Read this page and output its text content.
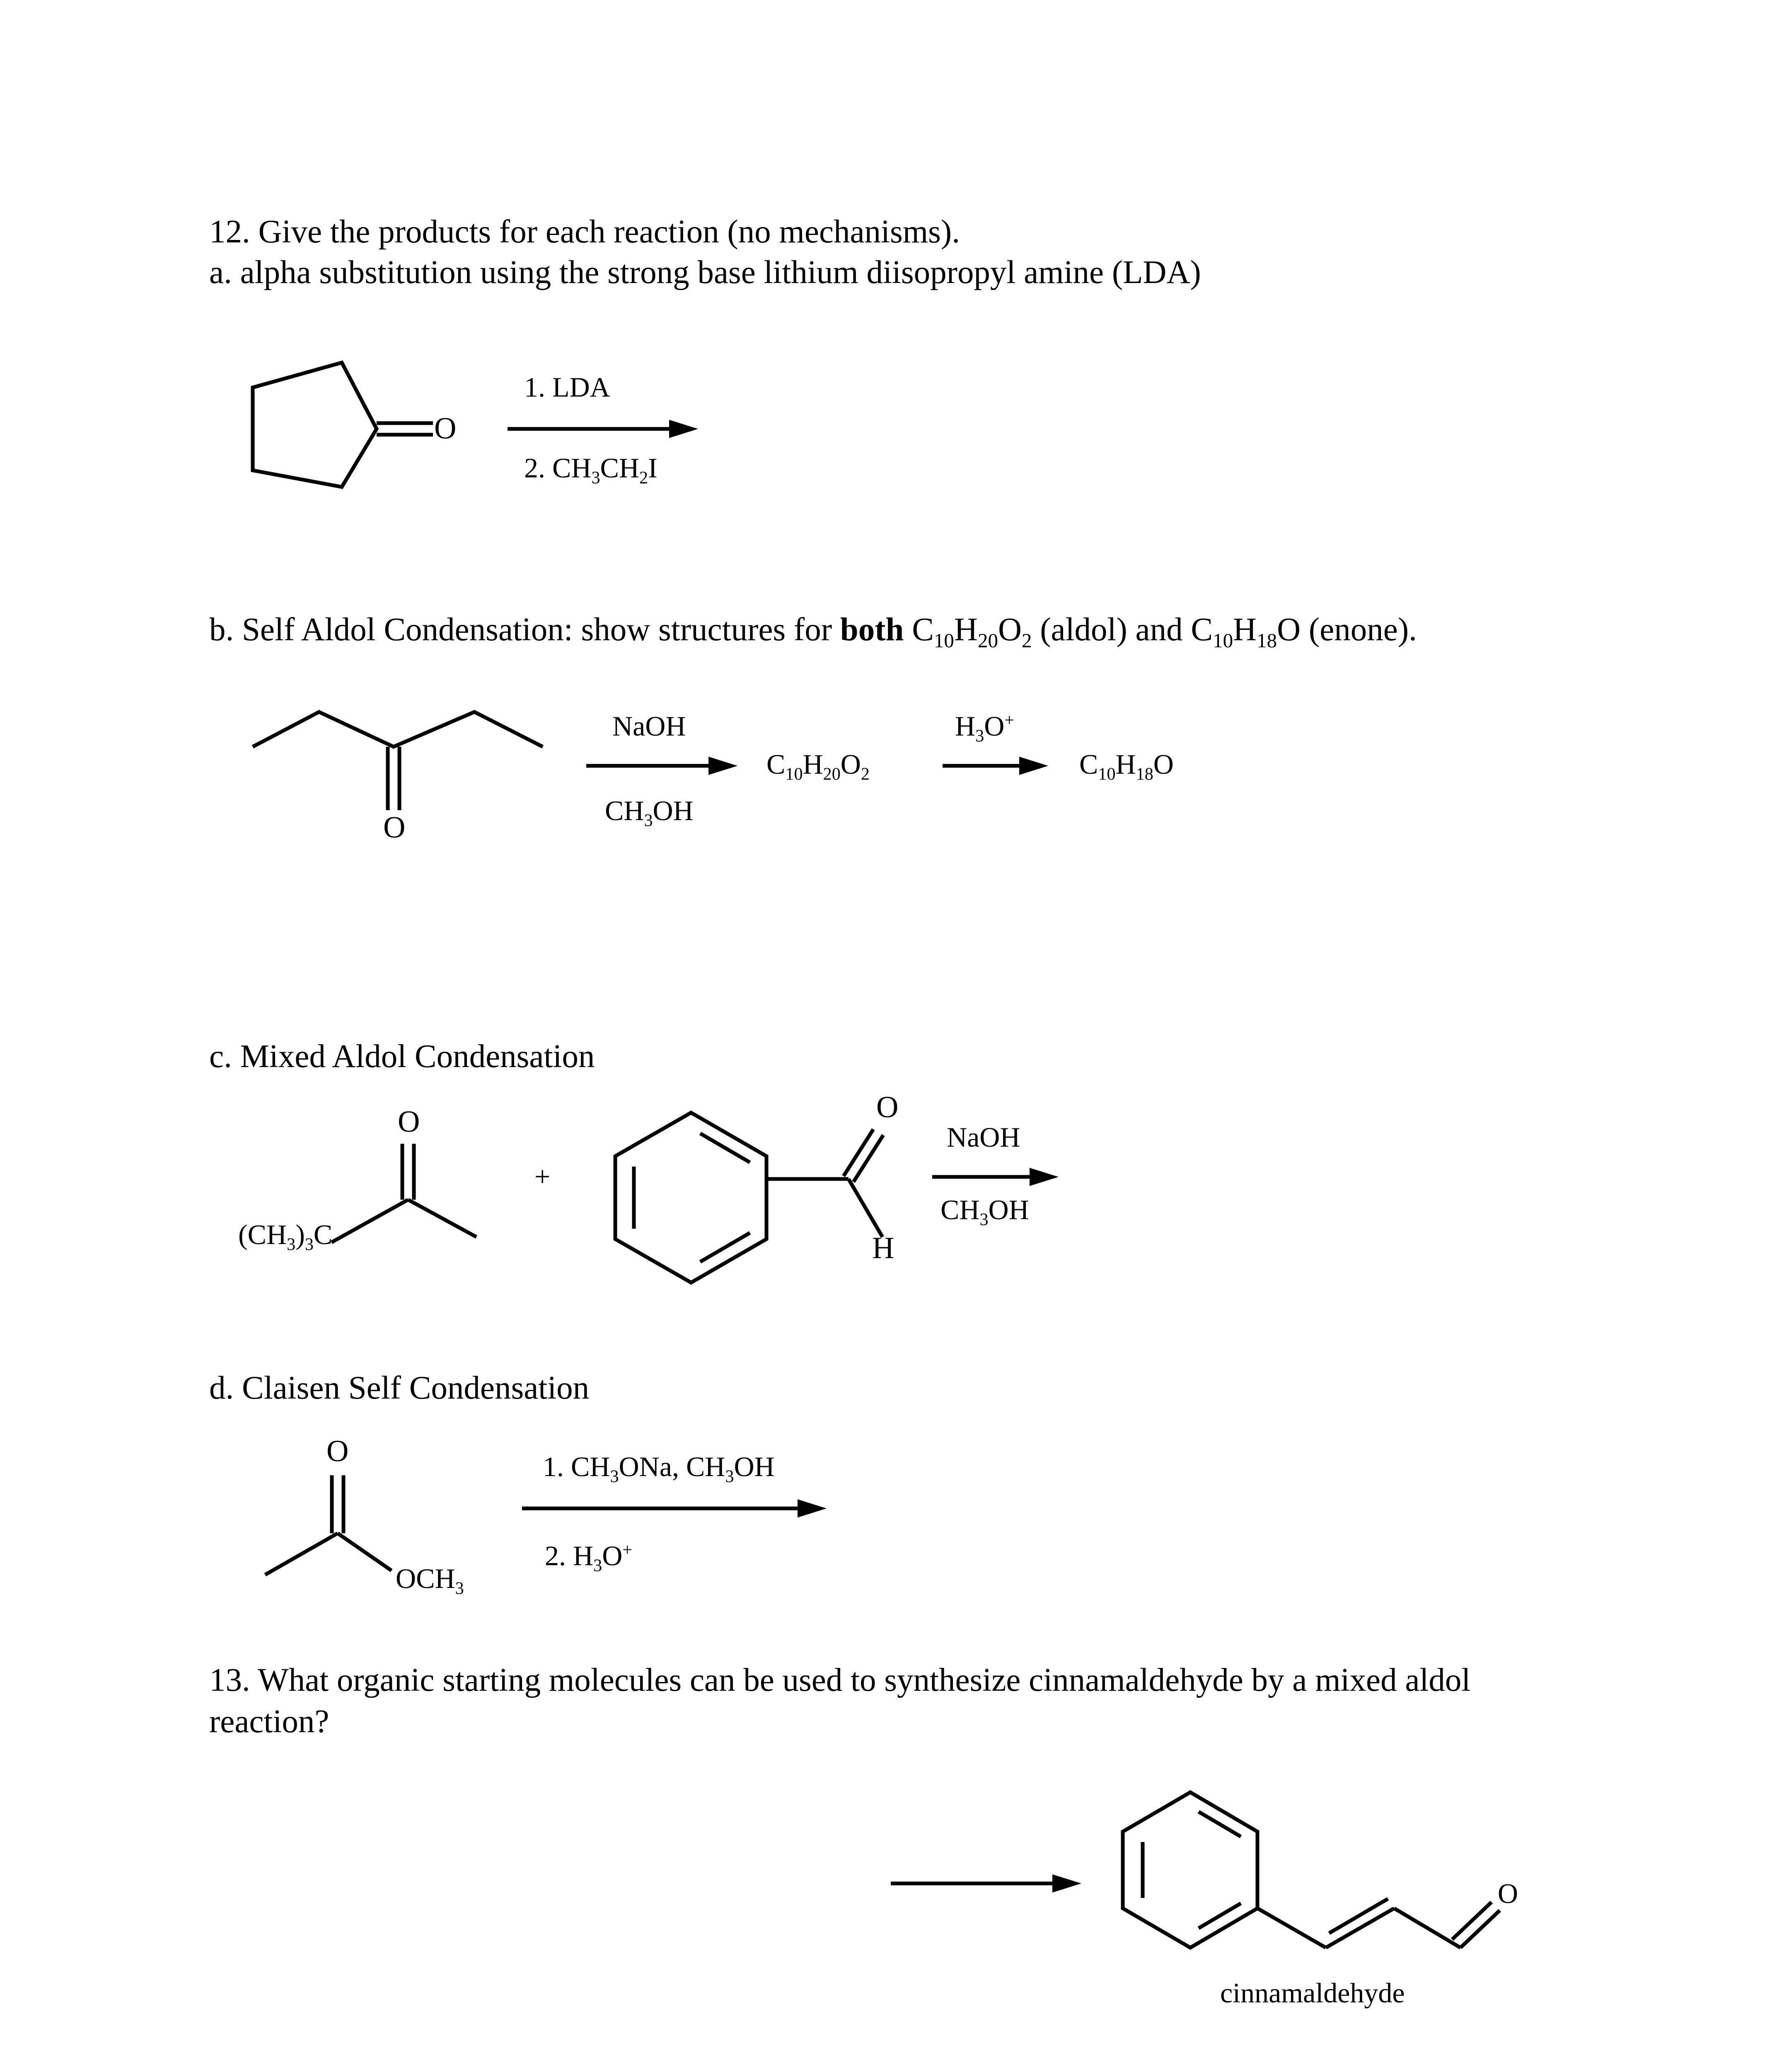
12. Give the products for each reaction (no mechanisms).
a. alpha substitution using the strong base lithium diisopropyl amine (LDA)
O
1. LDA
2. $CH_3CH_2I$
b. Self Aldol Condensation: show structures for both $C_{10}H_{20}O_2$ (aldol) and $C_{10}H_{18}O$ (enone).
O
NaOH
$CH_3OH$
$C_{10}H_{20}O_2$
$H_3O^+$
$C_{10}H_{18}O$
c. Mixed Aldol Condensation
O
$(CH_3)_3C$
+
O
H
NaOH
$CH_3OH$
d. Claisen Self Condensation
O
$OCH_3$
1. $CH_3ONa$, $CH_3OH$
2. $H_3O^+$
13. What organic starting molecules can be used to synthesize cinnamaldehyde by a mixed aldol
reaction?
O
cinnamaldehyde
